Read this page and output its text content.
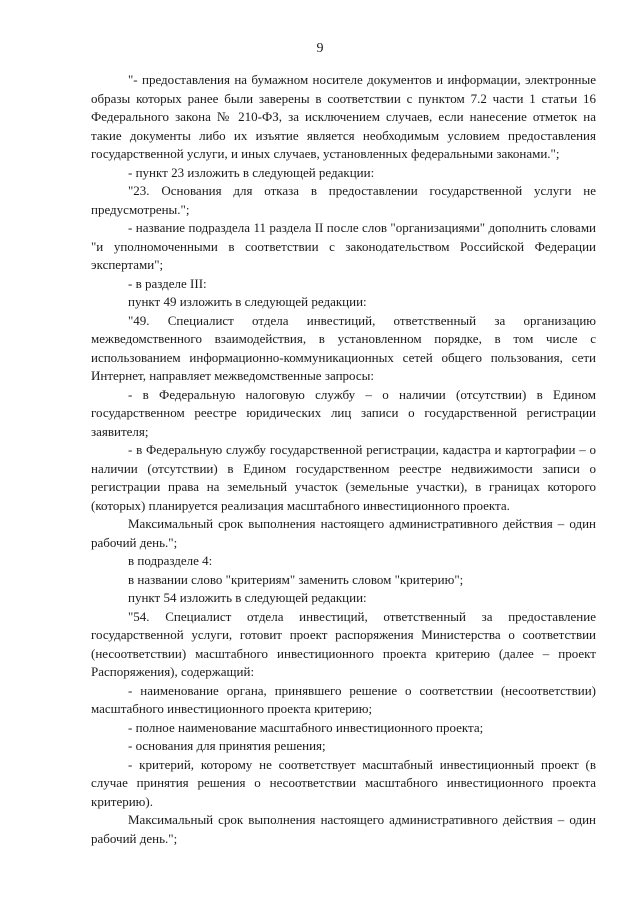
9

"- предоставления на бумажном носителе документов и информации, электронные образы которых ранее были заверены в соответствии с пунктом 7.2 части 1 статьи 16 Федерального закона № 210-ФЗ, за исключением случаев, если нанесение отметок на такие документы либо их изъятие является необходимым условием предоставления государственной услуги, и иных случаев, установленных федеральными законами.";

- пункт 23 изложить в следующей редакции:

"23. Основания для отказа в предоставлении государственной услуги не предусмотрены.";

- название подраздела 11 раздела II после слов "организациями" дополнить словами "и уполномоченными в соответствии с законодательством Российской Федерации экспертами";

- в разделе III:

пункт 49 изложить в следующей редакции:

"49. Специалист отдела инвестиций, ответственный за организацию межведомственного взаимодействия, в установленном порядке, в том числе с использованием информационно-коммуникационных сетей общего пользования, сети Интернет, направляет межведомственные запросы:

- в Федеральную налоговую службу – о наличии (отсутствии) в Едином государственном реестре юридических лиц записи о государственной регистрации заявителя;

- в Федеральную службу государственной регистрации, кадастра и картографии – о наличии (отсутствии) в Едином государственном реестре недвижимости записи о регистрации права на земельный участок (земельные участки), в границах которого (которых) планируется реализация масштабного инвестиционного проекта.

Максимальный срок выполнения настоящего административного действия – один рабочий день.";

в подразделе 4:

в названии слово "критериям" заменить словом "критерию";

пункт 54 изложить в следующей редакции:

"54. Специалист отдела инвестиций, ответственный за предоставление государственной услуги, готовит проект распоряжения Министерства о соответствии (несоответствии) масштабного инвестиционного проекта критерию (далее – проект Распоряжения), содержащий:

- наименование органа, принявшего решение о соответствии (несоответствии) масштабного инвестиционного проекта критерию;

- полное наименование масштабного инвестиционного проекта;

- основания для принятия решения;

- критерий, которому не соответствует масштабный инвестиционный проект (в случае принятия решения о несоответствии масштабного инвестиционного проекта критерию).

Максимальный срок выполнения настоящего административного действия – один рабочий день.";
